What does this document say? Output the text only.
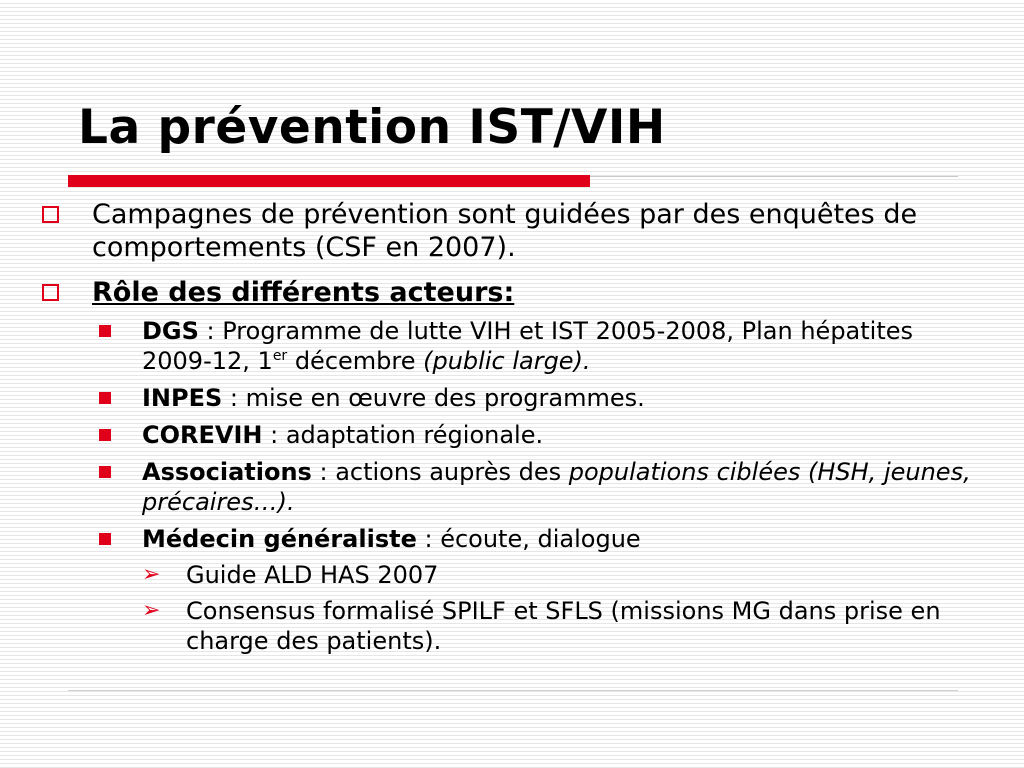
La prévention IST/VIH
Campagnes de prévention sont guidées par des enquêtes de comportements (CSF en 2007).
Rôle des différents acteurs:
DGS : Programme de lutte VIH et IST 2005-2008, Plan hépatites 2009-12, 1er décembre (public large).
INPES : mise en œuvre des programmes.
COREVIH : adaptation régionale.
Associations : actions auprès des populations ciblées (HSH, jeunes, précaires…).
Médecin généraliste : écoute, dialogue
➢ Guide ALD HAS 2007
➢ Consensus formalisé SPILF et SFLS (missions MG dans prise en charge des patients).
